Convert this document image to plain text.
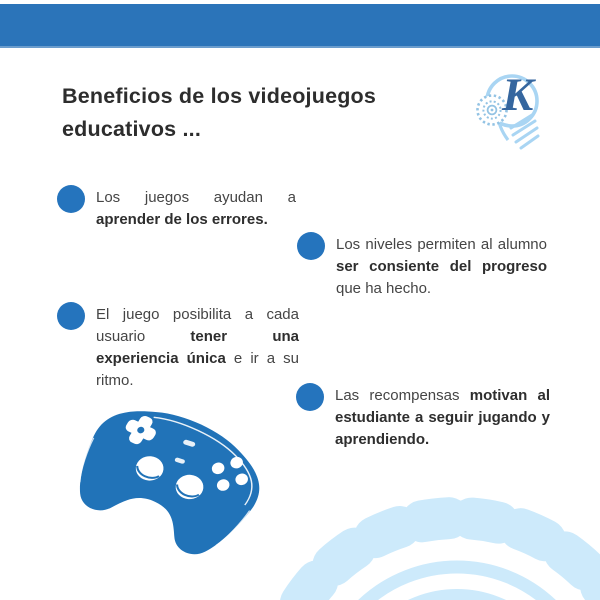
Beneficios de los videojuegos
educativos ...
K

Los juegos ayudan a aprender de los errores.

Los niveles permiten al alumno ser consiente del progreso que ha hecho.

El juego posibilita a cada usuario tener una experiencia única e ir a su ritmo.

Las recompensas motivan al estudiante a seguir jugando y aprendiendo.
